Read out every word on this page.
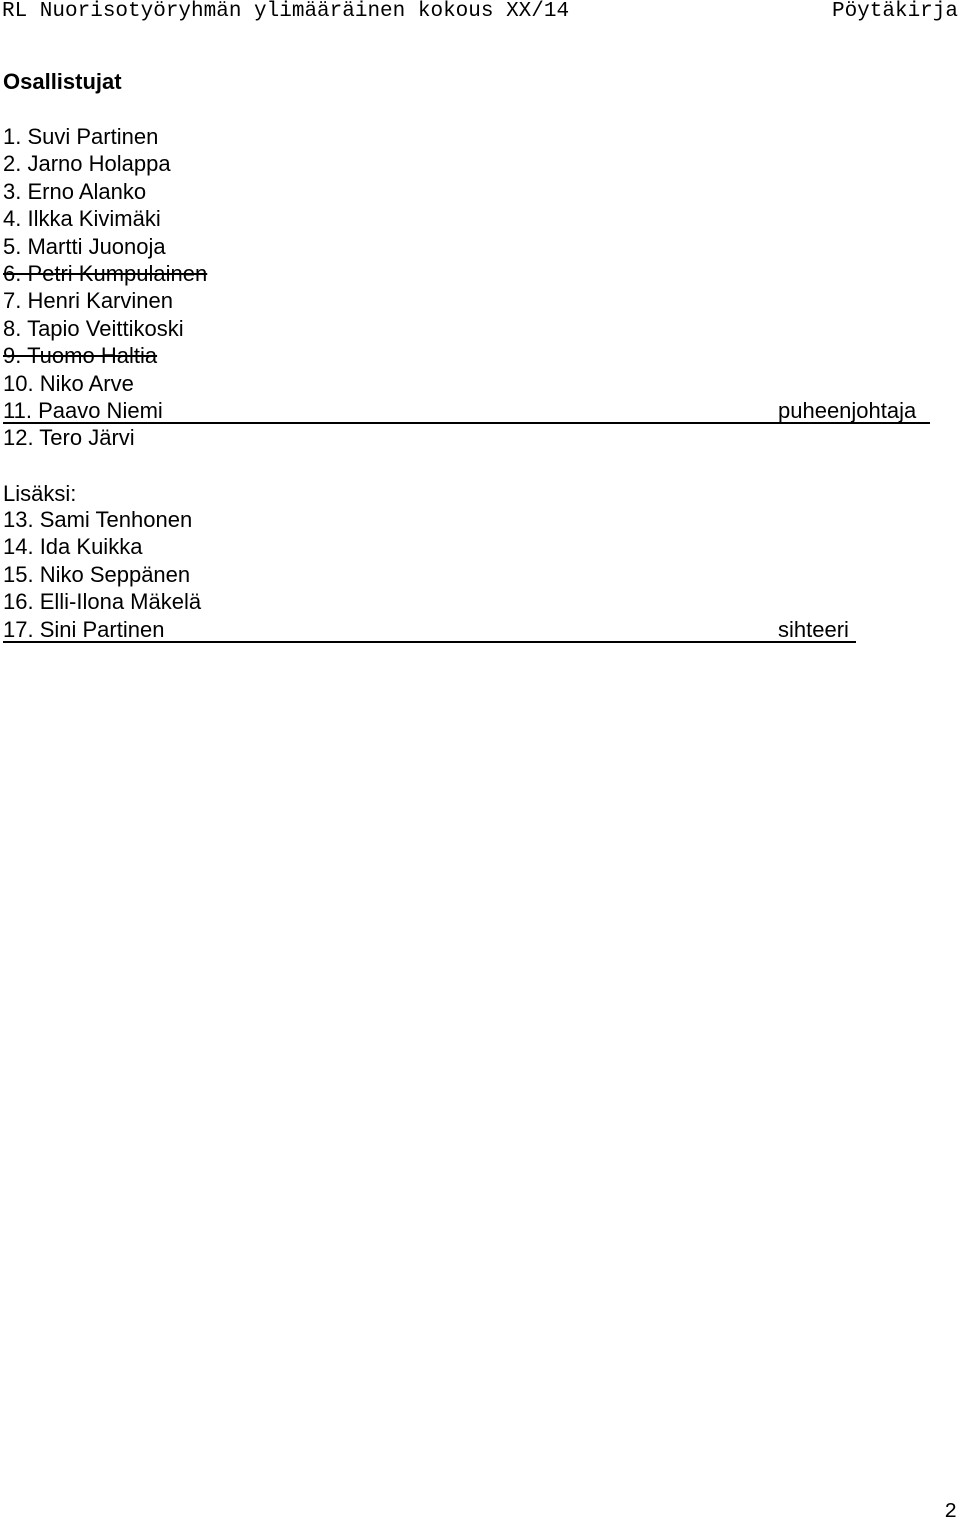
RL Nuorisotyöryhmän ylimääräinen kokous XX/14	Pöytäkirja
Osallistujat
1. Suvi Partinen
2. Jarno Holappa
3. Erno Alanko
4. Ilkka Kivimäki
5. Martti Juonoja
6. Petri Kumpulainen
7. Henri Karvinen
8. Tapio Veittikoski
9. Tuomo Haltia
10. Niko Arve
11. Paavo Niemi	puheenjohtaja
12. Tero Järvi
Lisäksi:
13. Sami Tenhonen
14. Ida Kuikka
15. Niko Seppänen
16. Elli-Ilona Mäkelä
17. Sini Partinen	sihteeri
2
